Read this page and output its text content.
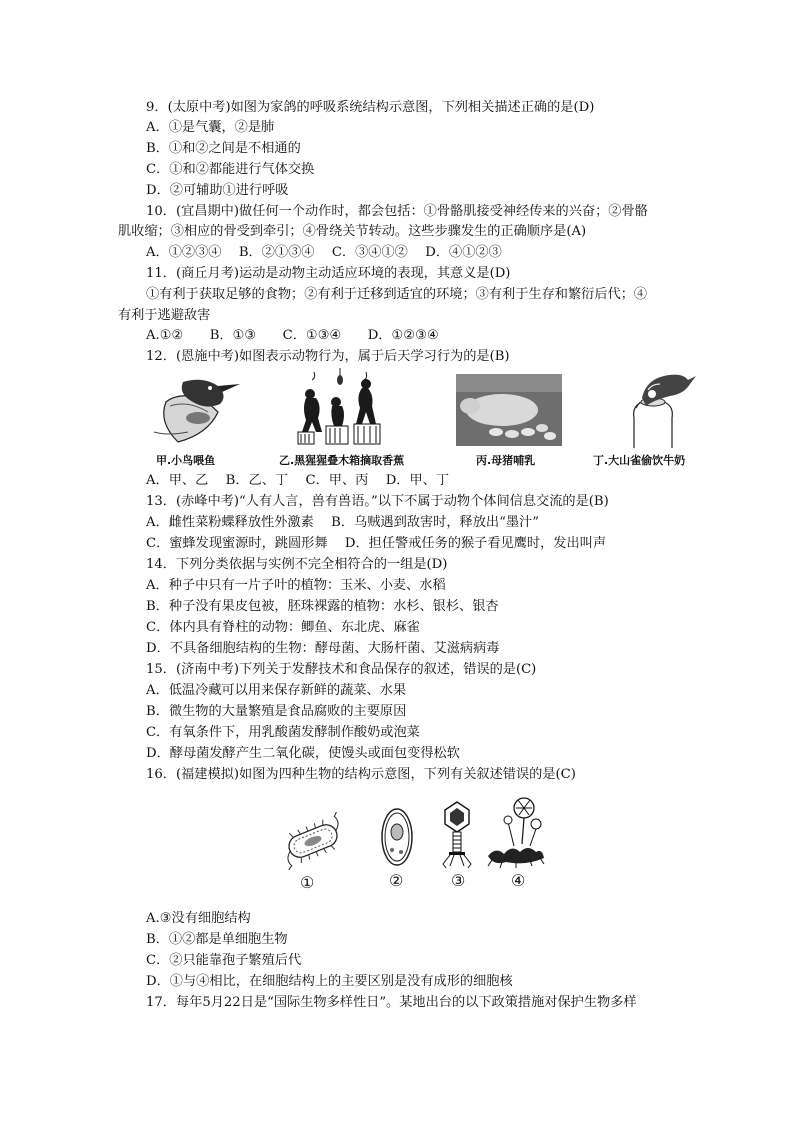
9．(太原中考)如图为家鸽的呼吸系统结构示意图，下列相关描述正确的是(D)
A．①是气囊，②是肺
B．①和②之间是不相通的
C．①和②都能进行气体交换
D．②可辅助①进行呼吸
10．(宜昌期中)做任何一个动作时，都会包括：①骨骼肌接受神经传来的兴奋；②骨骼
肌收缩；③相应的骨受到牵引；④骨绕关节转动。这些步骤发生的正确顺序是(A)
A．①②③④　 B．②①③④　 C．③④①②　 D．④①②③
11．(商丘月考)运动是动物主动适应环境的表现，其意义是(D)
①有利于获取足够的食物；②有利于迁移到适宜的环境；③有利于生存和繁衍后代；④
有利于逃避敌害
A.①②　　B．①③　　C．①③④　　D．①②③④
12．(恩施中考)如图表示动物行为，属于后天学习行为的是(B)
甲.小鸟喂鱼	乙.黑猩猩叠木箱摘取香蕉	丙.母猪哺乳	丁.大山雀偷饮牛奶
A．甲、乙　 B．乙、丁　 C．甲、丙　 D．甲、丁
13．(赤峰中考)“人有人言，兽有兽语。”以下不属于动物个体间信息交流的是(B)
A．雌性菜粉蝶释放性外激素　 B．乌贼遇到敌害时，释放出“墨汁”
C．蜜蜂发现蜜源时，跳圆形舞　 D．担任警戒任务的猴子看见鹰时，发出叫声
14．下列分类依据与实例不完全相符合的一组是(D)
A．种子中只有一片子叶的植物：玉米、小麦、水稻
B．种子没有果皮包被，胚珠裸露的植物：水杉、银杉、银杏
C．体内具有脊柱的动物：鲫鱼、东北虎、麻雀
D．不具备细胞结构的生物：酵母菌、大肠杆菌、艾滋病病毒
15．(济南中考)下列关于发酵技术和食品保存的叙述，错误的是(C)
A．低温冷藏可以用来保存新鲜的蔬菜、水果
B．微生物的大量繁殖是食品腐败的主要原因
C．有氧条件下，用乳酸菌发酵制作酸奶或泡菜
D．酵母菌发酵产生二氧化碳，使馒头或面包变得松软
16．(福建模拟)如图为四种生物的结构示意图，下列有关叙述错误的是(C)
①	②	③	④
A.③没有细胞结构
B．①②都是单细胞生物
C．②只能靠孢子繁殖后代
D．①与④相比，在细胞结构上的主要区别是没有成形的细胞核
17．每年5月22日是“国际生物多样性日”。某地出台的以下政策措施对保护生物多样
